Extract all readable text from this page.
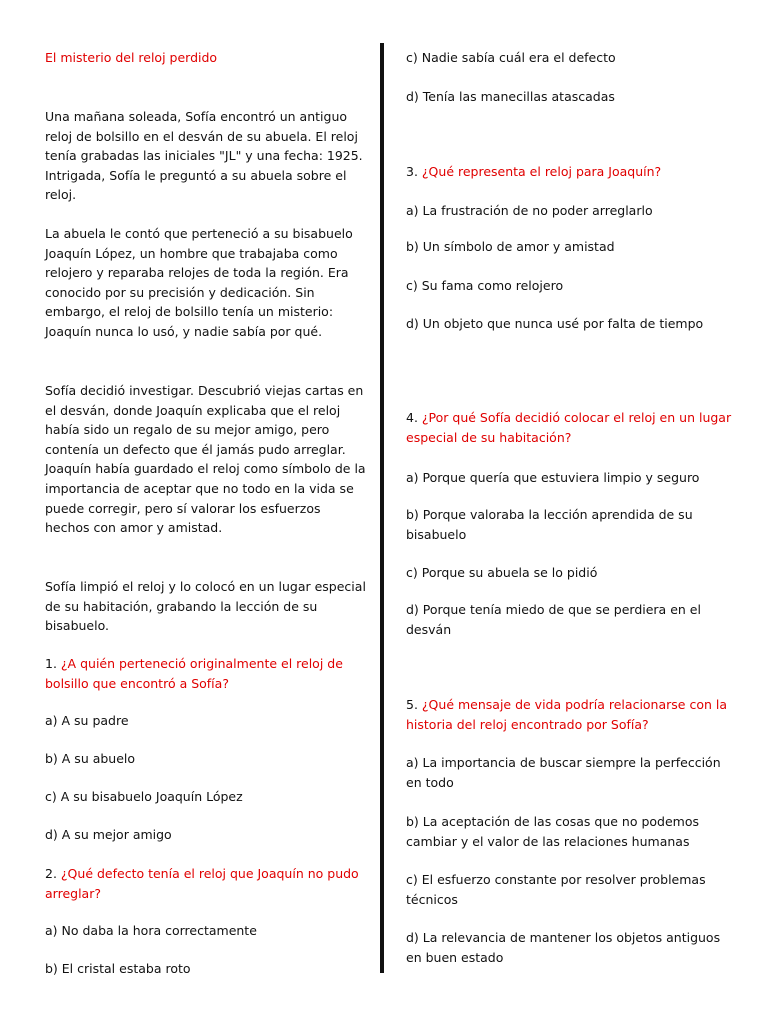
El misterio del reloj perdido

Una mañana soleada, Sofía encontró un antiguo reloj de bolsillo en el desván de su abuela. El reloj tenía grabadas las iniciales "JL" y una fecha: 1925. Intrigada, Sofía le preguntó a su abuela sobre el reloj.

La abuela le contó que perteneció a su bisabuelo Joaquín López, un hombre que trabajaba como relojero y reparaba relojes de toda la región. Era conocido por su precisión y dedicación. Sin embargo, el reloj de bolsillo tenía un misterio: Joaquín nunca lo usó, y nadie sabía por qué.

Sofía decidió investigar. Descubrió viejas cartas en el desván, donde Joaquín explicaba que el reloj había sido un regalo de su mejor amigo, pero contenía un defecto que él jamás pudo arreglar. Joaquín había guardado el reloj como símbolo de la importancia de aceptar que no todo en la vida se puede corregir, pero sí valorar los esfuerzos hechos con amor y amistad.

Sofía limpió el reloj y lo colocó en un lugar especial de su habitación, grabando la lección de su bisabuelo.

1. ¿A quién perteneció originalmente el reloj de bolsillo que encontró a Sofía?

a) A su padre

b) A su abuelo

c) A su bisabuelo Joaquín López

d) A su mejor amigo

2. ¿Qué defecto tenía el reloj que Joaquín no pudo arreglar?

a) No daba la hora correctamente

b) El cristal estaba roto

c) Nadie sabía cuál era el defecto

d) Tenía las manecillas atascadas

3. ¿Qué representa el reloj para Joaquín?

a) La frustración de no poder arreglarlo

b) Un símbolo de amor y amistad

c) Su fama como relojero

d) Un objeto que nunca usé por falta de tiempo

4. ¿Por qué Sofía decidió colocar el reloj en un lugar especial de su habitación?

a) Porque quería que estuviera limpio y seguro

b) Porque valoraba la lección aprendida de su bisabuelo

c) Porque su abuela se lo pidió

d) Porque tenía miedo de que se perdiera en el desván

5. ¿Qué mensaje de vida podría relacionarse con la historia del reloj encontrado por Sofía?

a) La importancia de buscar siempre la perfección en todo

b) La aceptación de las cosas que no podemos cambiar y el valor de las relaciones humanas

c) El esfuerzo constante por resolver problemas técnicos

d) La relevancia de mantener los objetos antiguos en buen estado
